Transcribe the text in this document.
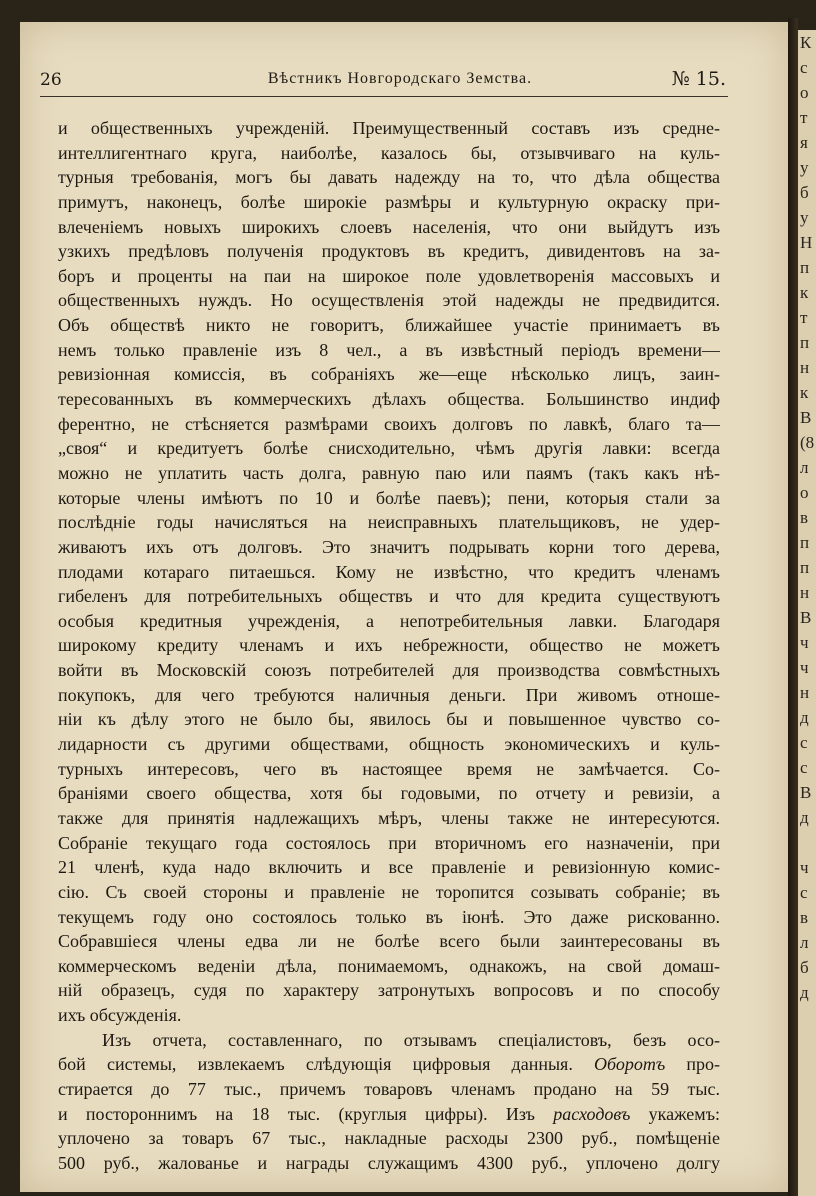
К
с
о
т
я
у
б
у
Н
п
к
т
п
н
к
В
(8
л
о
в
п
п
н
В
ч
ч
н
д
с
с
В
д

ч
с
в
л
б
д
26	Вѣстникъ Новгородскаго Земства.	№ 15.
и общественныхъ учрежденій. Преимущественный составъ изъ средне-
интеллигентнаго круга, наиболѣе, казалось бы, отзывчиваго на куль-
турныя требованія, могъ бы давать надежду на то, что дѣла общества
примутъ, наконецъ, болѣе широкіе размѣры и культурную окраску при-
влеченіемъ новыхъ широкихъ слоевъ населенія, что они выйдутъ изъ
узкихъ предѣловъ полученія продуктовъ въ кредитъ, дивидентовъ на за-
боръ и проценты на паи на широкое поле удовлетворенія массовыхъ и
общественныхъ нуждъ. Но осуществленія этой надежды не предвидится.
Объ обществѣ никто не говоритъ, ближайшее участіе принимаетъ въ
немъ только правленіе изъ 8 чел., а въ извѣстный періодъ времени—
ревизіонная комиссія, въ собраніяхъ же—еще нѣсколько лицъ, заин-
тересованныхъ въ коммерческихъ дѣлахъ общества. Большинство индиф
ферентно, не стѣсняется размѣрами своихъ долговъ по лавкѣ, благо та—
„своя“ и кредитуетъ болѣе снисходительно, чѣмъ другія лавки: всегда
можно не уплатить часть долга, равную паю или паямъ (такъ какъ нѣ-
которые члены имѣютъ по 10 и болѣе паевъ); пени, которыя стали за
послѣдніе годы начисляться на неисправныхъ плательщиковъ, не удер-
живаютъ ихъ отъ долговъ. Это значитъ подрывать корни того дерева,
плодами котараго питаешься. Кому не извѣстно, что кредитъ членамъ
гибеленъ для потребительныхъ обществъ и что для кредита существуютъ
особыя кредитныя учрежденія, а непотребительныя лавки. Благодаря
широкому кредиту членамъ и ихъ небрежности, общество не можетъ
войти въ Московскій союзъ потребителей для производства совмѣстныхъ
покупокъ, для чего требуются наличныя деньги. При живомъ отноше-
ніи къ дѣлу этого не было бы, явилось бы и повышенное чувство со-
лидарности съ другими обществами, общность экономическихъ и куль-
турныхъ интересовъ, чего въ настоящее время не замѣчается. Со-
браніями своего общества, хотя бы годовыми, по отчету и ревизіи, а
также для принятія надлежащихъ мѣръ, члены также не интересуются.
Собраніе текущаго года состоялось при вторичномъ его назначеніи, при
21 членѣ, куда надо включить и все правленіе и ревизіонную комис-
сію. Съ своей стороны и правленіе не торопится созывать собраніе; въ
текущемъ году оно состоялось только въ іюнѣ. Это даже рискованно.
Собравшіеся члены едва ли не болѣе всего были заинтересованы въ
коммерческомъ веденіи дѣла, понимаемомъ, однакожъ, на свой домаш-
ній образецъ, судя по характеру затронутыхъ вопросовъ и по способу
ихъ обсужденія.
Изъ отчета, составленнаго, по отзывамъ спеціалистовъ, безъ осо-
бой системы, извлекаемъ слѣдующія цифровыя данныя. Оборотъ про-
стирается до 77 тыс., причемъ товаровъ членамъ продано на 59 тыс.
и постороннимъ на 18 тыс. (круглыя цифры). Изъ расходовъ укажемъ:
уплочено за товаръ 67 тыс., накладные расходы 2300 руб., помѣщеніе
500 руб., жалованье и награды служащимъ 4300 руб., уплочено долгу
